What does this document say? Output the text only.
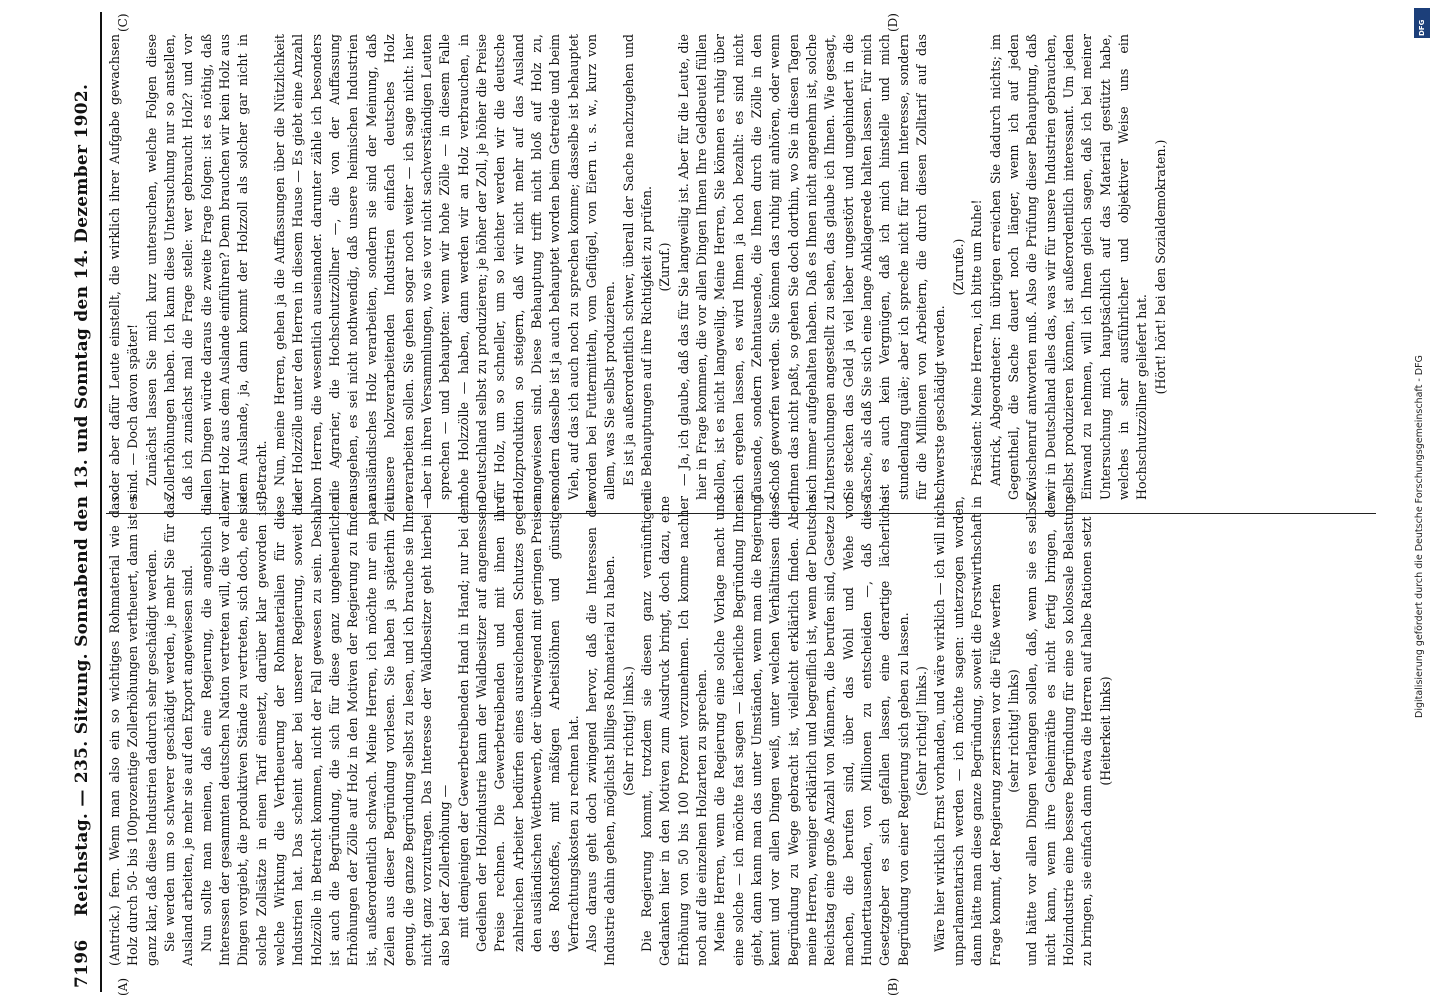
7196
Reichstag. — 235. Sitzung. Sonnabend den 13. und Sonntag den 14. Dezember 1902.
(A)	(B)
(C)	(D)

(Antrick.) fern. Wenn man also ein so wichtiges Rohmaterial wie das Holz durch 50- bis 100prozentige Zollerhöhungen vertheuert, dann ist es ganz klar, daß diese Industrien dadurch sehr geschädigt werden. Sie werden um so schwerer geschädigt werden, je mehr Sie für das Ausland arbeiten, je mehr sie auf den Export angewiesen sind. Nun sollte man meinen, daß eine Regierung, die angeblich die Interessen der gesammten deutschen Nation vertreten will, die vor allen Dingen vorgiebt, die produktiven Stände zu vertreten, sich doch, ehe sie solche Zollsätze in einen Tarif einsetzt, darüber klar geworden ist, welche Wirkung die Vertheuerung der Rohmaterialien für diese Industrien hat. Das scheint aber bei unserer Regierung, soweit die Holzzölle in Betracht kommen, nicht der Fall gewesen zu sein. Deshalb ist auch die Begründung, die sich für diese ganz ungeheuerlichen Erhöhungen der Zölle auf Holz in den Motiven der Regierung zu finden ist, außerordentlich schwach. Meine Herren, ich möchte nur ein paar Zeilen aus dieser Begründung vorlesen. Sie haben ja späterhin Zeit genug, die ganze Begründung selbst zu lesen, und ich brauche sie Ihnen nicht ganz vorzutragen. Das Interesse der Waldbesitzer geht hierbei — also bei der Zollerhöhung — mit demjenigen der Gewerbetreibenden Hand in Hand; nur bei dem Gedeihen der Holzindustrie kann der Waldbesitzer auf angemessene Preise rechnen. Die Gewerbetreibenden und mit ihnen ihre zahlreichen Arbeiter bedürfen eines ausreichenden Schutzes gegen den ausländischen Wettbewerb, der überwiegend mit geringen Preisen des Rohstoffes, mit mäßigen Arbeitslöhnen und günstigen Verfrachtungskosten zu rechnen hat. Also daraus geht doch zwingend hervor, daß die Interessen der Industrie dahin gehen, möglichst billiges Rohmaterial zu haben. (Sehr richtig! links.) Die Regierung kommt, trotzdem sie diesen ganz vernünftigen Gedanken hier in den Motiven zum Ausdruck bringt, doch dazu, eine Erhöhung von 50 bis 100 Prozent vorzunehmen. Ich komme nachher noch auf die einzelnen Holzarten zu sprechen. Meine Herren, wenn die Regierung eine solche Vorlage macht und eine solche — ich möchte fast sagen — lächerliche Begründung Ihnen giebt, dann kann man das unter Umständen, wenn man die Regierung kennt und vor allen Dingen weiß, unter welchen Verhältnissen diese Begründung zu Wege gebracht ist, vielleicht erklärlich finden. Aber, meine Herren, weniger erklärlich und begreiflich ist, wenn der Deutsche Reichstag eine große Anzahl von Männern, die berufen sind, Gesetze zu machen, die berufen sind, über das Wohl und Wehe von Hunderttausenden, von Millionen zu entscheiden —, daß diese Gesetzgeber es sich gefallen lassen, eine derartige lächerliche Begründung von einer Regierung sich geben zu lassen. (Sehr richtig! links.) Wäre hier wirklich Ernst vorhanden, und wäre wirklich — ich will nicht unparlamentarisch werden — ich möchte sagen: unterzogen worden, dann hätte man diese ganze Begründung, soweit die Forstwirthschaft in Frage kommt, der Regierung zerrissen vor die Füße werfen (sehr richtig! links) und hätte vor allen Dingen verlangen sollen, daß, wenn sie es selbst nicht kann, wenn ihre Geheimräthe es nicht fertig bringen, der Holzindustrie eine bessere Begründung für eine so kolossale Belastung zu bringen, sie einfach dann etwa die Herren auf halbe Rationen setzt (Heiterkeit links)

oder aber dafür Leute einstellt, die wirklich ihrer Aufgabe gewachsen sind. — Doch davon später! Zunächst lassen Sie mich kurz untersuchen, welche Folgen diese Zollerhöhungen haben. Ich kann diese Untersuchung nur so anstellen, daß ich zunächst mal die Frage stelle: wer gebraucht Holz? und vor allen Dingen würde daraus die zweite Frage folgen: ist es nöthig, daß wir Holz aus dem Auslande einführen? Denn brauchen wir kein Holz aus dem Auslande, ja, dann kommt der Holzzoll als solcher gar nicht in Betracht. Nun, meine Herren, gehen ja die Auffassungen über die Nützlichkeit der Holzzölle unter den Herren in diesem Hause — Es giebt eine Anzahl von Herren, die wesentlich auseinander. darunter zähle ich besonders die Agrarier, die Hochschutzzöllner —, die von der Auffassung ausgehen, es sei nicht nothwendig, daß unsere heimischen Industrien ausländisches Holz verarbeiten, sondern sie sind der Meinung, daß unsere holzverarbeitenden Industrien einfach deutsches Holz verarbeiten sollen. Sie gehen sogar noch weiter — ich sage nicht: hier aber in ihren Versammlungen, wo sie vor nicht sachverständigen Leuten sprechen — und behaupten: wenn wir hohe Zölle — in diesem Falle hohe Holzzölle — haben, dann werden wir an Holz verbrauchen, in Deutschland selbst zu produzieren; je höher der Zoll, je höher die Preise für Holz, um so schneller, um so leichter werden wir die deutsche Holzproduktion so steigern, daß wir nicht mehr auf das Ausland angewiesen sind. Diese Behauptung trifft nicht bloß auf Holz zu, sondern dasselbe ist ja auch behauptet worden beim Getreide und beim Vieh, auf das ich auch noch zu sprechen komme; dasselbe ist behauptet worden bei Futtermitteln, vom Geflügel, von Eiern u. s. w., kurz von allem, was Sie selbst produzieren. Es ist ja außerordentlich schwer, überall der Sache nachzugehen und die Behauptungen auf ihre Richtigkeit zu prüfen. (Zuruf.) — Ja, ich glaube, daß das für Sie langweilig ist. Aber für die Leute, die hier in Frage kommen, die vor allen Dingen Ihnen Ihre Geldbeutel füllen sollen, ist es nicht langweilig. Meine Herren, Sie können es ruhig über sich ergehen lassen, es wird Ihnen ja hoch bezahlt: es sind nicht Tausende, sondern Zehntausende, die Ihnen durch die Zölle in den Schoß geworfen werden. Sie können das ruhig mit anhören, oder wenn Ihnen das nicht paßt, so gehen Sie doch dorthin, wo Sie in diesen Tagen sich immer aufgehalten haben. Daß es Ihnen nicht angenehm ist, solche Untersuchungen angestellt zu sehen, das glaube ich Ihnen. Wie gesagt, Sie stecken das Geld ja viel lieber ungestört und ungehindert in die Tasche, als daß Sie sich eine lange Anklagerede halten lassen. Für mich ist es auch kein Vergnügen, daß ich mich hinstelle und mich stundenlang quäle; aber ich spreche nicht für mein Interesse, sondern für die Millionen von Arbeitern, die durch diesen Zolltarif auf das schwerste geschädigt werden.

(Zurufe.) Präsident: Meine Herren, ich bitte um Ruhe! Antrick, Abgeordneter: Im übrigen erreichen Sie dadurch nichts; im Gegentheil, die Sache dauert noch länger, wenn ich auf jeden Zwischenruf antworten muß. Also die Prüfung dieser Behauptung, daß wir in Deutschland alles das, was wir für unsere Industrien gebrauchen, selbst produzieren können, ist außerordentlich interessant. Um jeden Einwand zu nehmen, will ich Ihnen gleich sagen, daß ich bei meiner Untersuchung mich hauptsächlich auf das Material gestützt habe, welches in sehr ausführlicher und objektiver Weise uns ein Hochschutzzöllner geliefert hat.

(Hört! hört! bei den Sozialdemokraten.)

DFG
Digitalisierung gefördert durch die Deutsche Forschungsgemeinschaft - DFG
